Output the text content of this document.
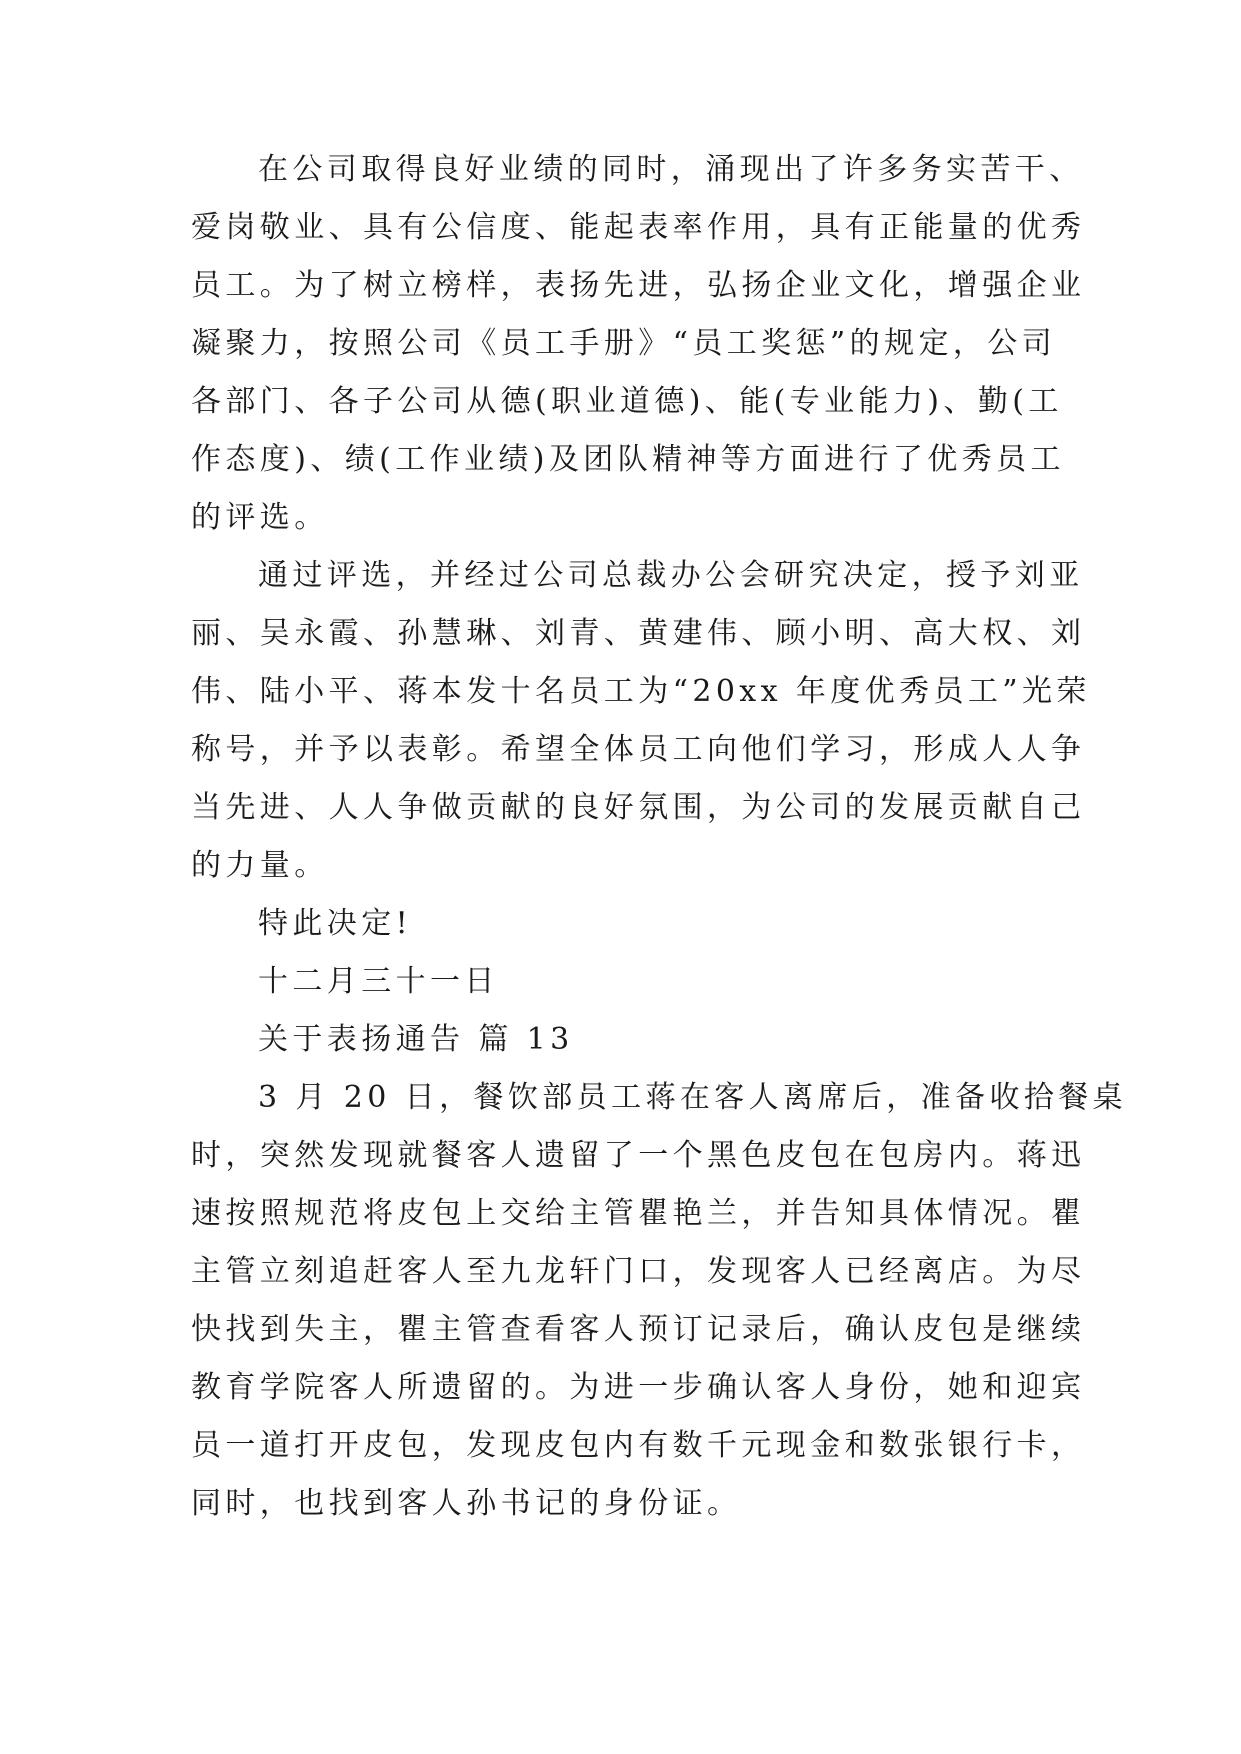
在公司取得良好业绩的同时，涌现出了许多务实苦干、
爱岗敬业、具有公信度、能起表率作用，具有正能量的优秀
员工。为了树立榜样，表扬先进，弘扬企业文化，增强企业
凝聚力，按照公司《员工手册》“员工奖惩”的规定，公司
各部门、各子公司从德(职业道德)、能(专业能力)、勤(工
作态度)、绩(工作业绩)及团队精神等方面进行了优秀员工
的评选。
通过评选，并经过公司总裁办公会研究决定，授予刘亚
丽、吴永霞、孙慧琳、刘青、黄建伟、顾小明、高大权、刘
伟、陆小平、蒋本发十名员工为“20xx 年度优秀员工”光荣
称号，并予以表彰。希望全体员工向他们学习，形成人人争
当先进、人人争做贡献的良好氛围，为公司的发展贡献自己
的力量。
特此决定!
十二月三十一日
关于表扬通告 篇 13
3 月 20 日，餐饮部员工蒋在客人离席后，准备收拾餐桌
时，突然发现就餐客人遗留了一个黑色皮包在包房内。蒋迅
速按照规范将皮包上交给主管瞿艳兰，并告知具体情况。瞿
主管立刻追赶客人至九龙轩门口，发现客人已经离店。为尽
快找到失主，瞿主管查看客人预订记录后，确认皮包是继续
教育学院客人所遗留的。为进一步确认客人身份，她和迎宾
员一道打开皮包，发现皮包内有数千元现金和数张银行卡，
同时，也找到客人孙书记的身份证。
